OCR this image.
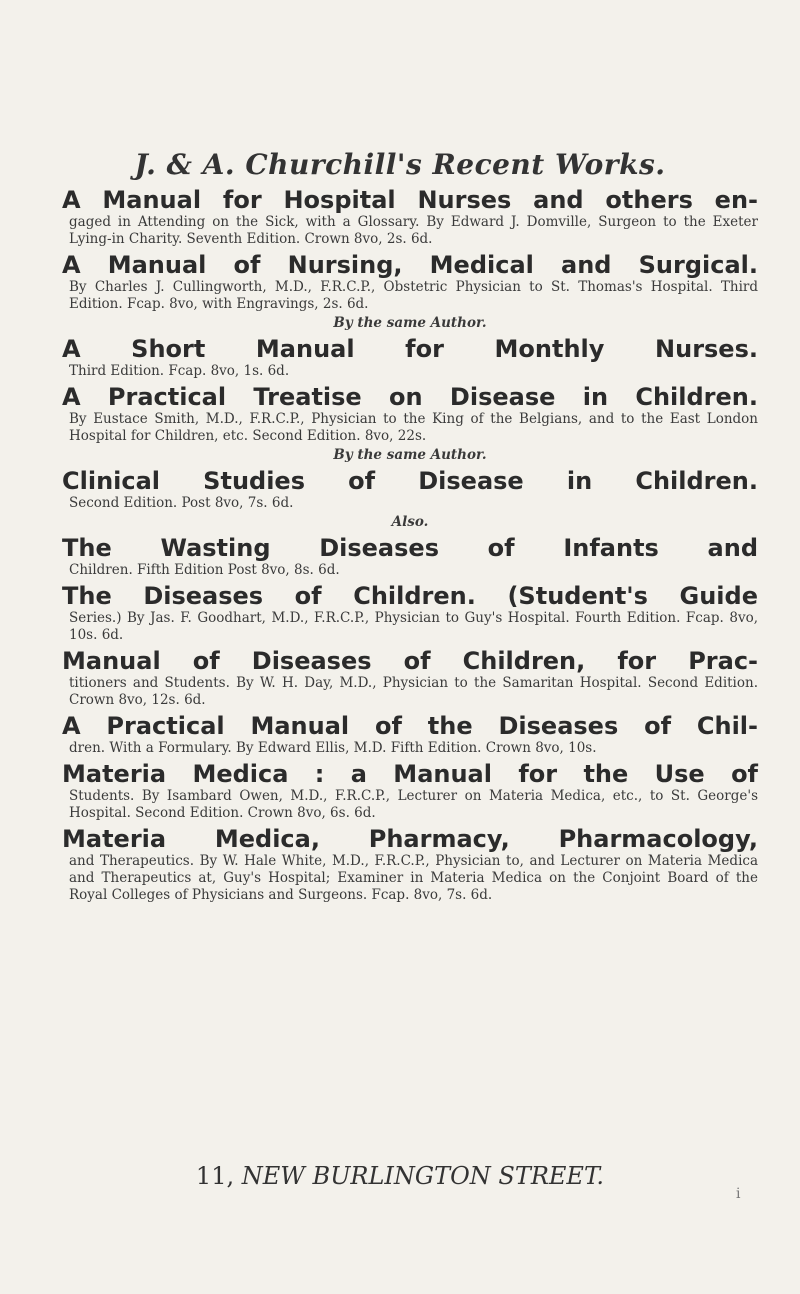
J. & A. Churchill's Recent Works.
A Manual for Hospital Nurses and others en-
gaged in Attending on the Sick, with a Glossary. By Edward J. Domville, Surgeon to the Exeter Lying-in Charity. Seventh Edition. Crown 8vo, 2s. 6d.
A Manual of Nursing, Medical and Surgical.
By Charles J. Cullingworth, M.D., F.R.C.P., Obstetric Physician to St. Thomas's Hospital. Third Edition. Fcap. 8vo, with Engravings, 2s. 6d.
By the same Author.
A Short Manual for Monthly Nurses.
Third Edition. Fcap. 8vo, 1s. 6d.
A Practical Treatise on Disease in Children.
By Eustace Smith, M.D., F.R.C.P., Physician to the King of the Belgians, and to the East London Hospital for Children, etc. Second Edition. 8vo, 22s.
By the same Author.
Clinical Studies of Disease in Children.
Second Edition. Post 8vo, 7s. 6d.
Also.
The Wasting Diseases of Infants and
Children. Fifth Edition Post 8vo, 8s. 6d.
The Diseases of Children. (Student's Guide
Series.) By Jas. F. Goodhart, M.D., F.R.C.P., Physician to Guy's Hospital. Fourth Edition. Fcap. 8vo, 10s. 6d.
Manual of Diseases of Children, for Prac-
titioners and Students. By W. H. Day, M.D., Physician to the Samaritan Hospital. Second Edition. Crown 8vo, 12s. 6d.
A Practical Manual of the Diseases of Chil-
dren. With a Formulary. By Edward Ellis, M.D. Fifth Edition. Crown 8vo, 10s.
Materia Medica : a Manual for the Use of
Students. By Isambard Owen, M.D., F.R.C.P., Lecturer on Materia Medica, etc., to St. George's Hospital. Second Edition. Crown 8vo, 6s. 6d.
Materia Medica, Pharmacy, Pharmacology,
and Therapeutics. By W. Hale White, M.D., F.R.C.P., Physician to, and Lecturer on Materia Medica and Therapeutics at, Guy's Hospital; Examiner in Materia Medica on the Conjoint Board of the Royal Colleges of Physicians and Surgeons. Fcap. 8vo, 7s. 6d.
11, NEW BURLINGTON STREET.
i
